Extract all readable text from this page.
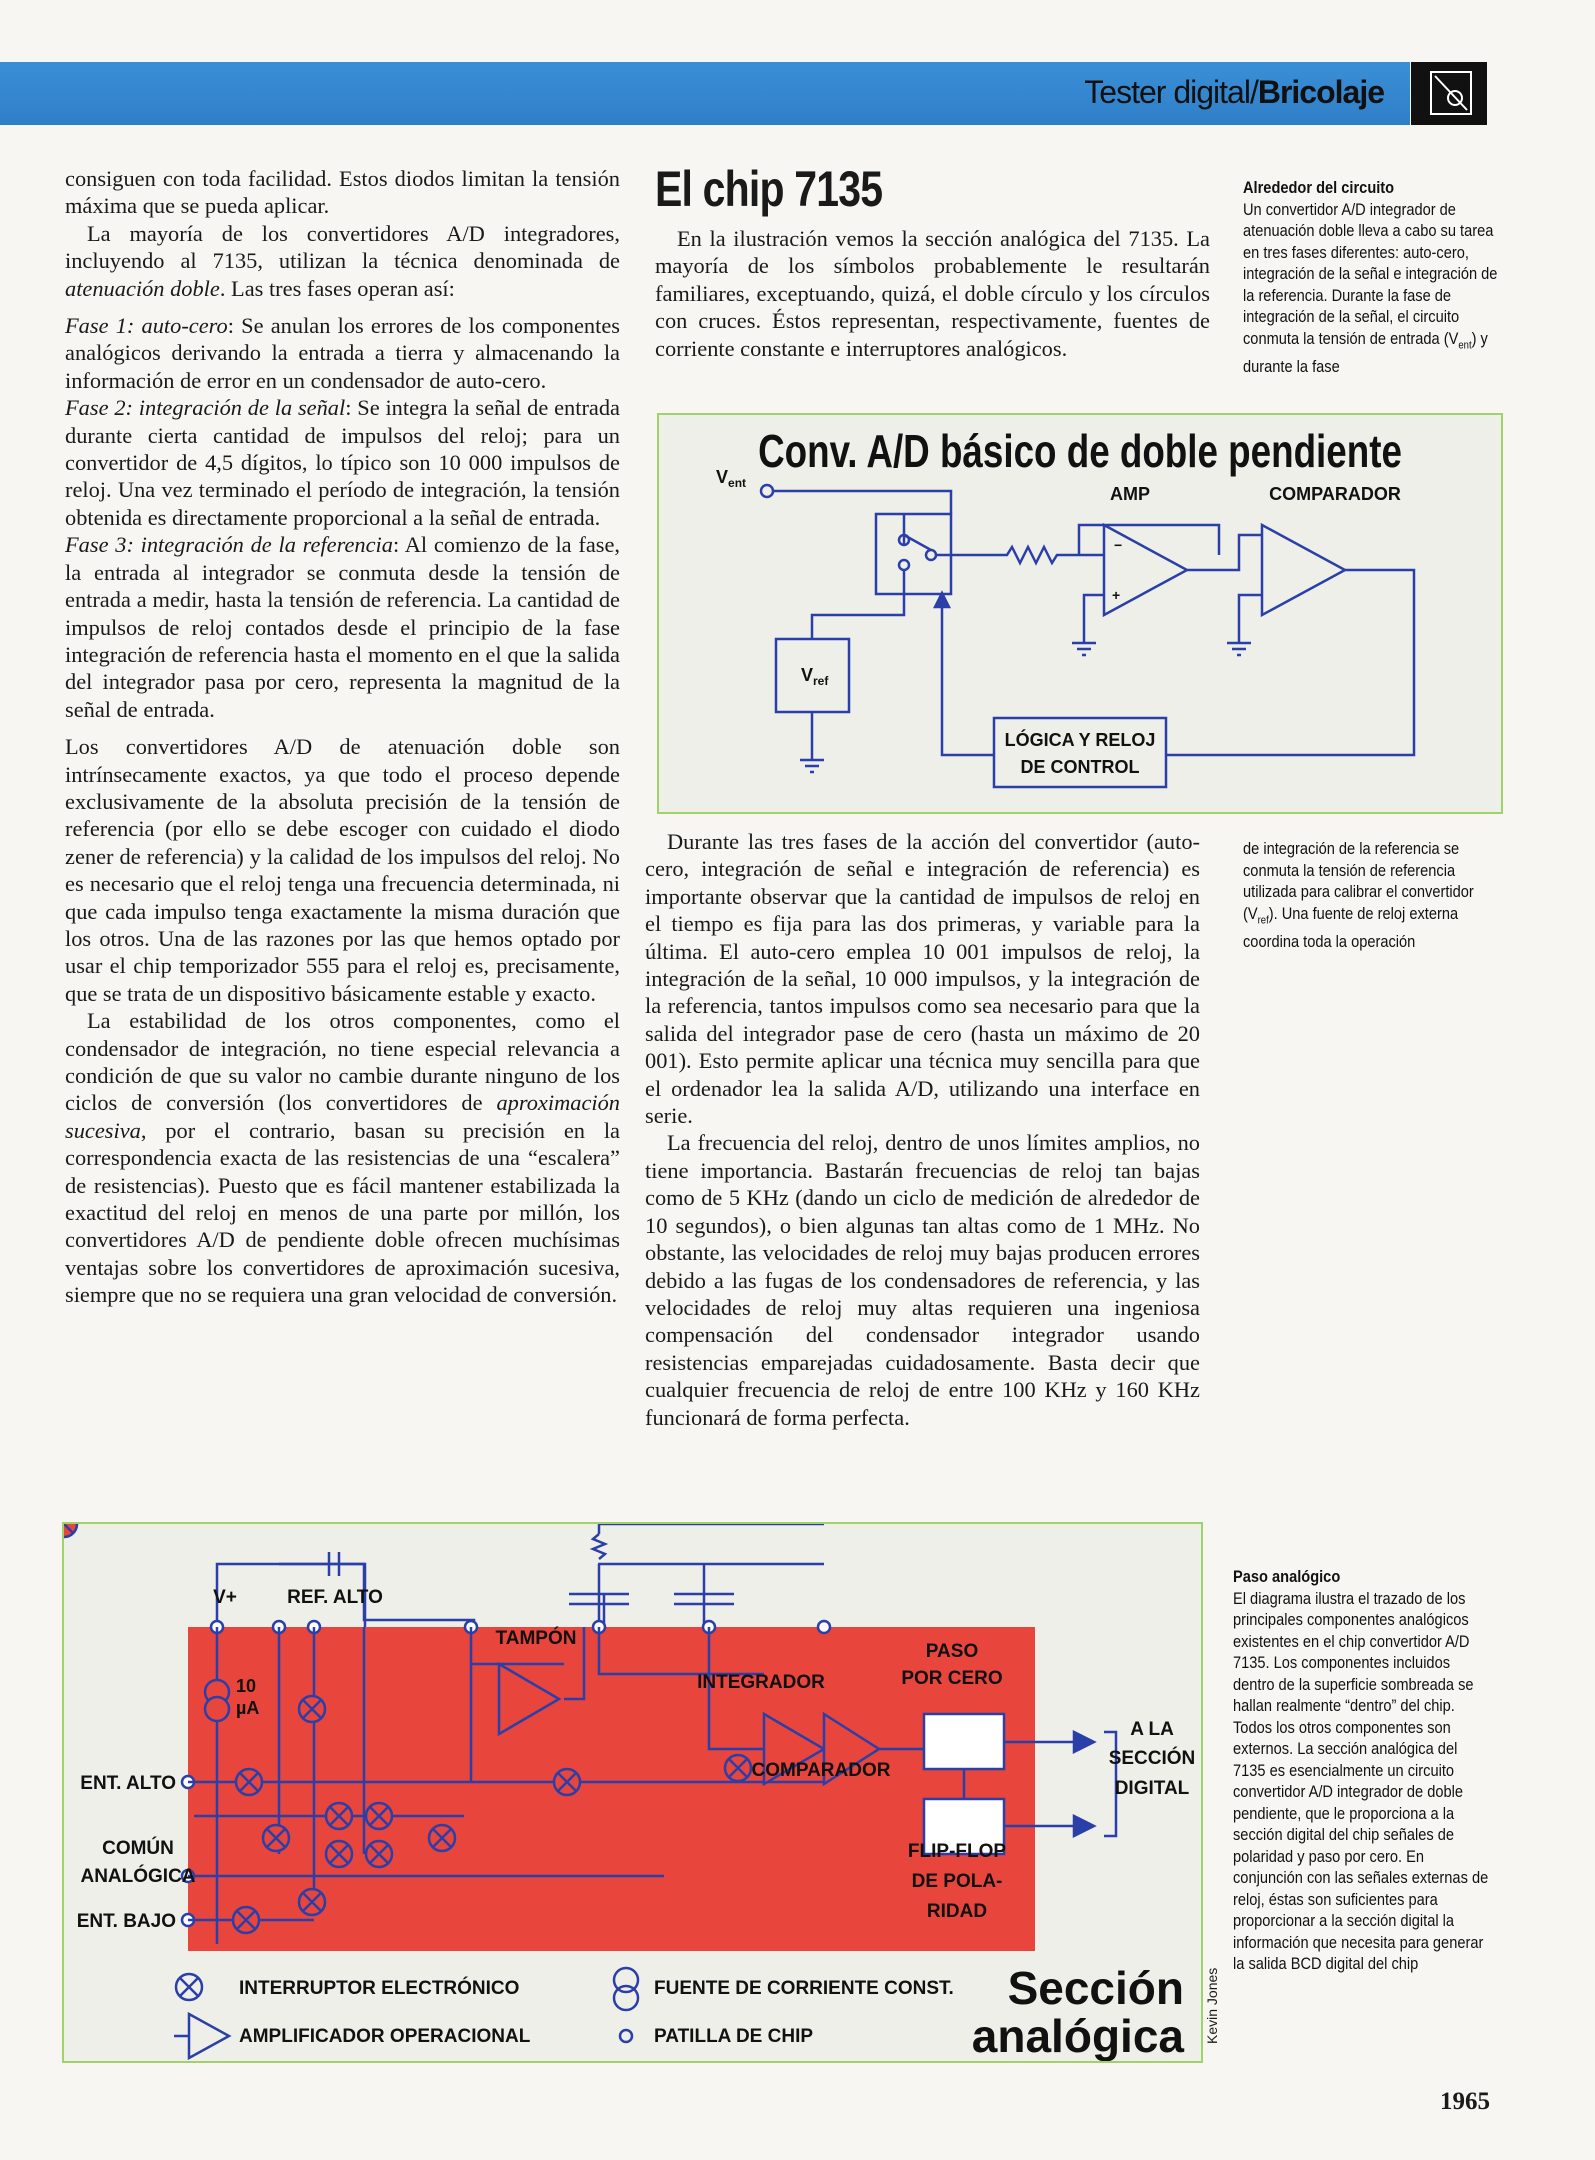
Tester digital/Bricolaje

consiguen con toda facilidad. Estos diodos limitan la tensión máxima que se pueda aplicar.

La mayoría de los convertidores A/D integradores, incluyendo al 7135, utilizan la técnica denominada de atenuación doble. Las tres fases operan así:

Fase 1: auto-cero: Se anulan los errores de los componentes analógicos derivando la entrada a tierra y almacenando la información de error en un condensador de auto-cero.

Fase 2: integración de la señal: Se integra la señal de entrada durante cierta cantidad de impulsos del reloj; para un convertidor de 4,5 dígitos, lo típico son 10 000 impulsos de reloj. Una vez terminado el período de integración, la tensión obtenida es directamente proporcional a la señal de entrada.

Fase 3: integración de la referencia: Al comienzo de la fase, la entrada al integrador se conmuta desde la tensión de entrada a medir, hasta la tensión de referencia. La cantidad de impulsos de reloj contados desde el principio de la fase integración de referencia hasta el momento en el que la salida del integrador pasa por cero, representa la magnitud de la señal de entrada.

Los convertidores A/D de atenuación doble son intrínsecamente exactos, ya que todo el proceso depende exclusivamente de la absoluta precisión de la tensión de referencia (por ello se debe escoger con cuidado el diodo zener de referencia) y la calidad de los impulsos del reloj. No es necesario que el reloj tenga una frecuencia determinada, ni que cada impulso tenga exactamente la misma duración que los otros. Una de las razones por las que hemos optado por usar el chip temporizador 555 para el reloj es, precisamente, que se trata de un dispositivo básicamente estable y exacto.

La estabilidad de los otros componentes, como el condensador de integración, no tiene especial relevancia a condición de que su valor no cambie durante ninguno de los ciclos de conversión (los convertidores de aproximación sucesiva, por el contrario, basan su precisión en la correspondencia exacta de las resistencias de una “escalera” de resistencias). Puesto que es fácil mantener estabilizada la exactitud del reloj en menos de una parte por millón, los convertidores A/D de pendiente doble ofrecen muchísimas ventajas sobre los convertidores de aproximación sucesiva, siempre que no se requiera una gran velocidad de conversión.

El chip 7135

En la ilustración vemos la sección analógica del 7135. La mayoría de los símbolos probablemente le resultarán familiares, exceptuando, quizá, el doble círculo y los círculos con cruces. Éstos representan, respectivamente, fuentes de corriente constante e interruptores analógicos.

Durante las tres fases de la acción del convertidor (auto-cero, integración de señal e integración de referencia) es importante observar que la cantidad de impulsos de reloj en el tiempo es fija para las dos primeras, y variable para la última. El auto-cero emplea 10 001 impulsos de reloj, la integración de la señal, 10 000 impulsos, y la integración de la referencia, tantos impulsos como sea necesario para que la salida del integrador pase de cero (hasta un máximo de 20 001). Esto permite aplicar una técnica muy sencilla para que el ordenador lea la salida A/D, utilizando una interface en serie.

La frecuencia del reloj, dentro de unos límites amplios, no tiene importancia. Bastarán frecuencias de reloj tan bajas como de 5 KHz (dando un ciclo de medición de alrededor de 10 segundos), o bien algunas tan altas como de 1 MHz. No obstante, las velocidades de reloj muy bajas producen errores debido a las fugas de los condensadores de referencia, y las velocidades de reloj muy altas requieren una ingeniosa compensación del condensador integrador usando resistencias emparejadas cuidadosamente. Basta decir que cualquier frecuencia de reloj de entre 100 KHz y 160 KHz funcionará de forma perfecta.

Alrededor del circuito
Un convertidor A/D integrador de atenuación doble lleva a cabo su tarea en tres fases diferentes: auto-cero, integración de la señal e integración de la referencia. Durante la fase de integración de la señal, el circuito conmuta la tensión de entrada $(V_{ent})$ y durante la fase
de integración de la referencia se conmuta la tensión de referencia utilizada para calibrar el convertidor $(V_{ref})$. Una fuente de reloj externa coordina toda la operación
Paso analógico
El diagrama ilustra el trazado de los principales componentes analógicos existentes en el chip convertidor A/D 7135. Los componentes incluidos dentro de la superficie sombreada se hallan realmente “dentro” del chip. Todos los otros componentes son externos. La sección analógica del 7135 es esencialmente un circuito convertidor A/D integrador de doble pendiente, que le proporciona a la sección digital del chip señales de polaridad y paso por cero. En conjunción con las señales externas de reloj, éstas son suficientes para proporcionar a la sección digital la información que necesita para generar la salida BCD digital del chip
Conv. A/D básico de doble pendiente
$V_{ent}$
−
+
AMP	COMPARADOR
$V_{ref}$
LÓGICA Y RELOJ
DE CONTROL
V+	REF. ALTO
TAMPÓN
INTEGRADOR
PASO
POR CERO
10
µA
ENT. ALTO
COMÚN
ANALÓGICA
ENT. BAJO
COMPARADOR
A LA
SECCIÓN
DIGITAL
FLIP-FLOP
DE POLA-
RIDAD
INTERRUPTOR ELECTRÓNICO
AMPLIFICADOR OPERACIONAL
FUENTE DE CORRIENTE CONST.
PATILLA DE CHIP
Sección
analógica Kevin Jones
1965
